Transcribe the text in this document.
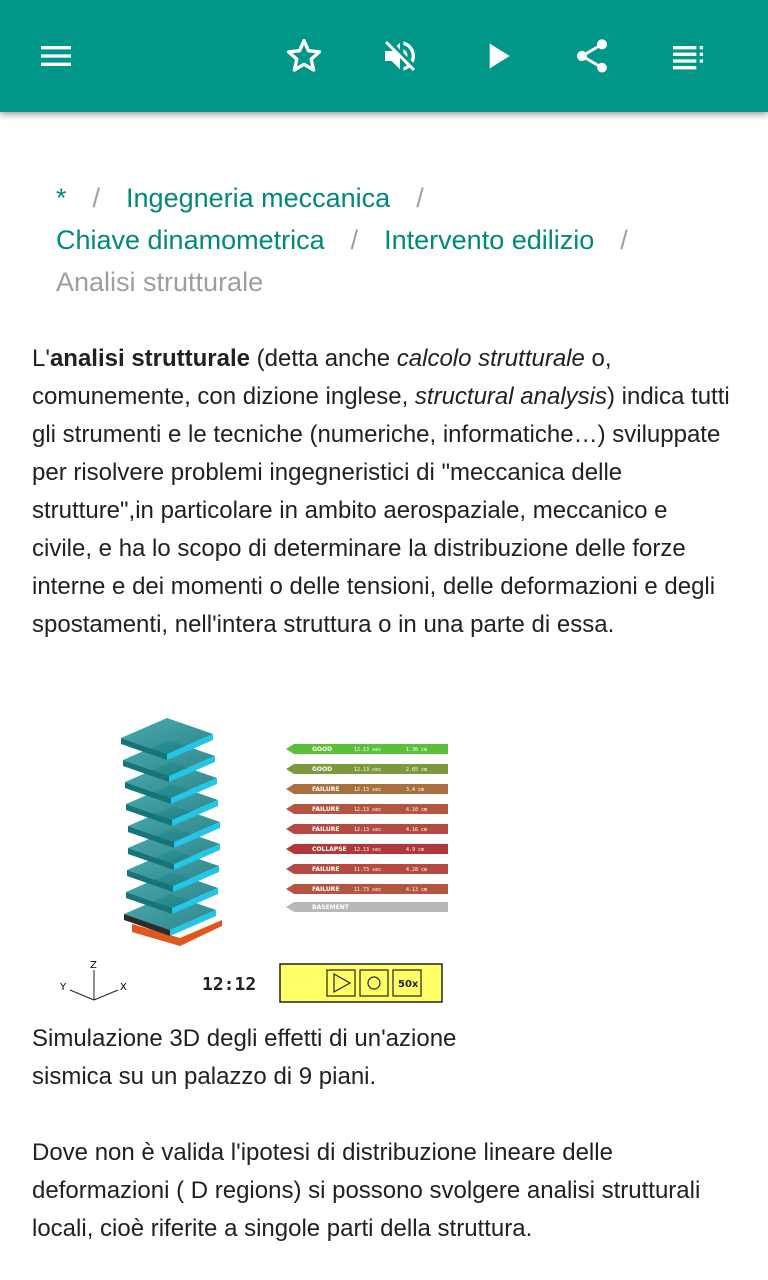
* / Ingegneria meccanica /
Chiave dinamometrica / Intervento edilizio /
Analisi strutturale
L'analisi strutturale (detta anche calcolo strutturale o, comunemente, con dizione inglese, structural analysis) indica tutti gli strumenti e le tecniche (numeriche, informatiche…) sviluppate per risolvere problemi ingegneristici di "meccanica delle strutture",in particolare in ambito aerospaziale, meccanico e civile, e ha lo scopo di determinare la distribuzione delle forze interne e dei momenti o delle tensioni, delle deformazioni e degli spostamenti, nell'intera struttura o in una parte di essa.
GOOD	12.13 sec	1.30 cm
GOOD	12.13 sec	2.65 cm
FAILURE	12.13 sec	3.4 cm
FAILURE	12.13 sec	4.10 cm
FAILURE	12.13 sec	4.16 cm
COLLAPSE 12.13 sec	4.9 cm
FAILURE	11.73 sec	4.28 cm
FAILURE	11.73 sec	4.13 cm
BASEMENT
Z
Y	X	12:12	50x
Simulazione 3D degli effetti di un'azione sismica su un palazzo di 9 piani.
Dove non è valida l'ipotesi di distribuzione lineare delle deformazioni ( D regions) si possono svolgere analisi strutturali locali, cioè riferite a singole parti della struttura.
